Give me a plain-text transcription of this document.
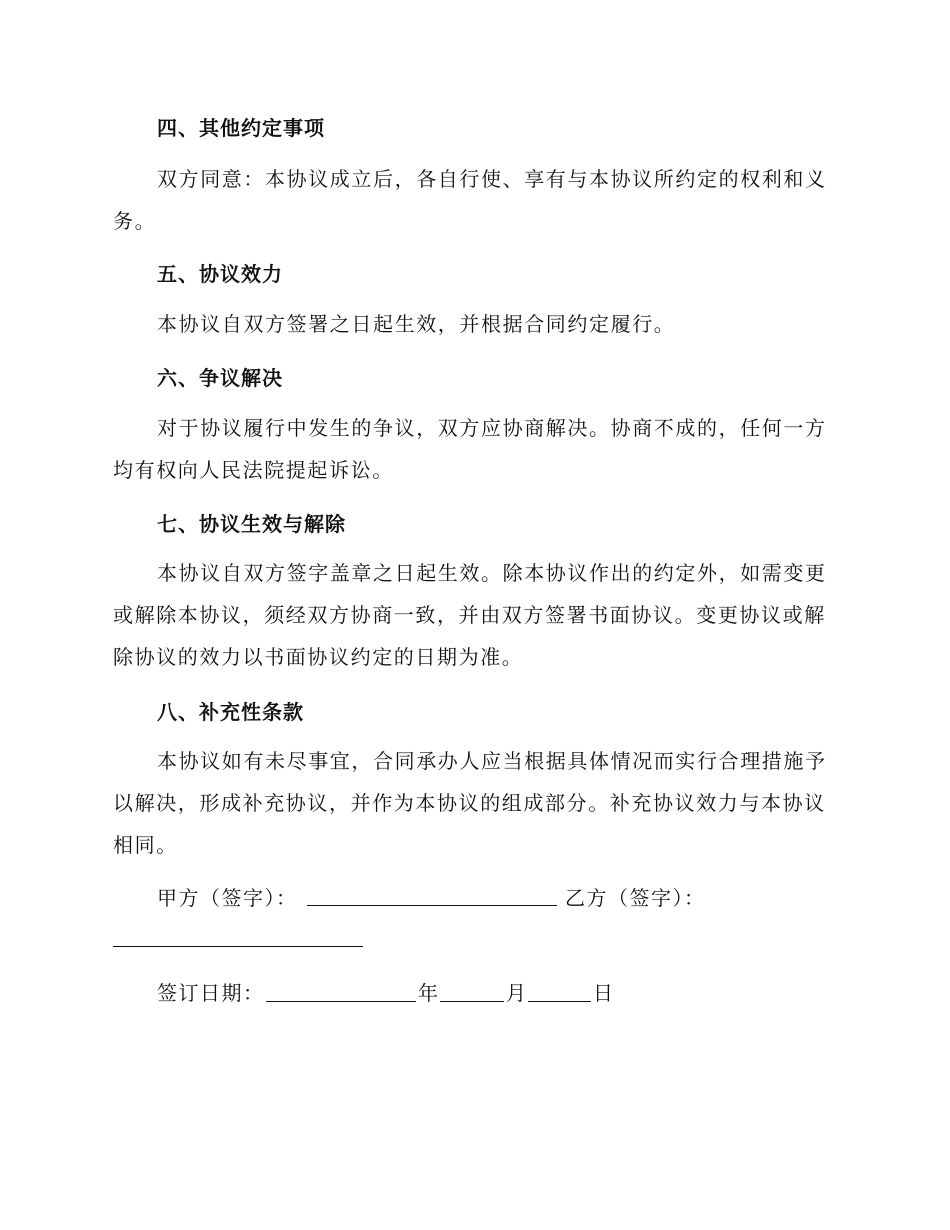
四、其他约定事项

双方同意：本协议成立后，各自行使、享有与本协议所约定的权利和义务。

五、协议效力

本协议自双方签署之日起生效，并根据合同约定履行。

六、争议解决

对于协议履行中发生的争议，双方应协商解决。协商不成的，任何一方均有权向人民法院提起诉讼。

七、协议生效与解除

本协议自双方签字盖章之日起生效。除本协议作出的约定外，如需变更或解除本协议，须经双方协商一致，并由双方签署书面协议。变更协议或解除协议的效力以书面协议约定的日期为准。

八、补充性条款

本协议如有未尽事宜，合同承办人应当根据具体情况而实行合理措施予以解决，形成补充协议，并作为本协议的组成部分。补充协议效力与本协议相同。

甲方（签字）：	乙方（签字）：
签订日期：	年	月	日
